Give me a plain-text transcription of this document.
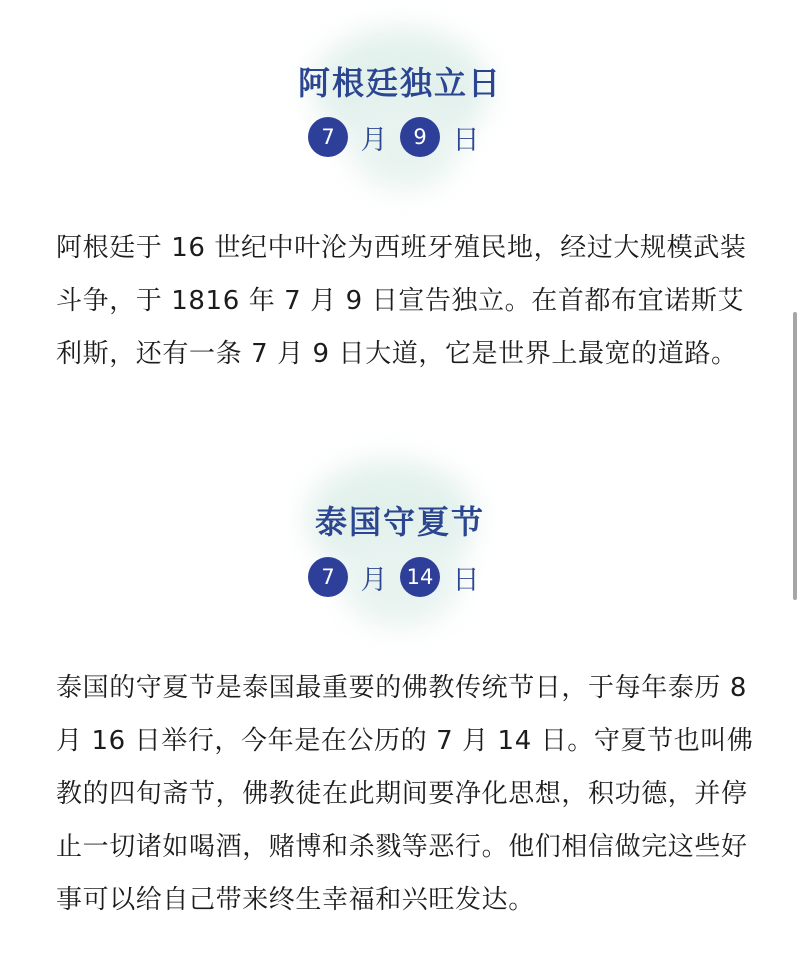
阿根廷独立日
7 月	9 日

阿根廷于 16 世纪中叶沦为西班牙殖民地，经过大规模武装斗争，于 1816 年 7 月 9 日宣告独立。在首都布宜诺斯艾利斯，还有一条 7 月 9 日大道，它是世界上最宽的道路。

泰国守夏节
7 月 14 日

泰国的守夏节是泰国最重要的佛教传统节日，于每年泰历 8 月 16 日举行，今年是在公历的 7 月 14 日。守夏节也叫佛教的四旬斋节，佛教徒在此期间要净化思想，积功德，并停止一切诸如喝酒，赌博和杀戮等恶行。他们相信做完这些好事可以给自己带来终生幸福和兴旺发达。
